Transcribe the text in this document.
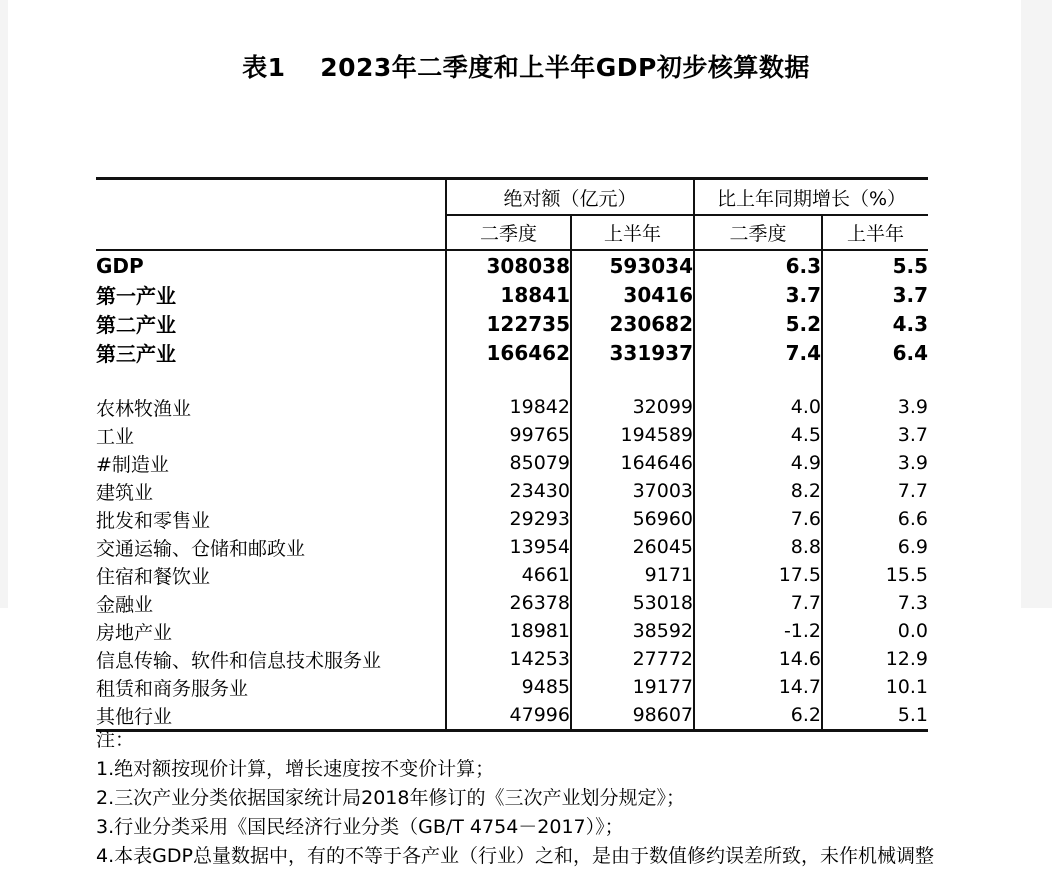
表1　 2023年二季度和上半年GDP初步核算数据
	绝对额（亿元）		比上年同期增长（%）	
	二季度	上半年	二季度	上半年
GDP	308038	593034	6.3	5.5
第一产业	18841	30416	3.7	3.7
第二产业	122735	230682	5.2	4.3
第三产业	166462	331937	7.4	6.4

农林牧渔业	19842	32099	4.0	3.9
工业	99765	194589	4.5	3.7
#制造业	85079	164646	4.9	3.9
建筑业	23430	37003	8.2	7.7
批发和零售业	29293	56960	7.6	6.6
交通运输、仓储和邮政业	13954	26045	8.8	6.9
住宿和餐饮业	4661	9171	17.5	15.5
金融业	26378	53018	7.7	7.3
房地产业	18981	38592	-1.2	0.0
信息传输、软件和信息技术服务业	14253	27772	14.6	12.9
租赁和商务服务业	9485	19177	14.7	10.1
其他行业	47996	98607	6.2	5.1
注：
1.绝对额按现价计算，增长速度按不变价计算；
2.三次产业分类依据国家统计局2018年修订的《三次产业划分规定》；
3.行业分类采用《国民经济行业分类（GB/T 4754－2017）》；
4.本表GDP总量数据中，有的不等于各产业（行业）之和，是由于数值修约误差所致，未作机械调整
